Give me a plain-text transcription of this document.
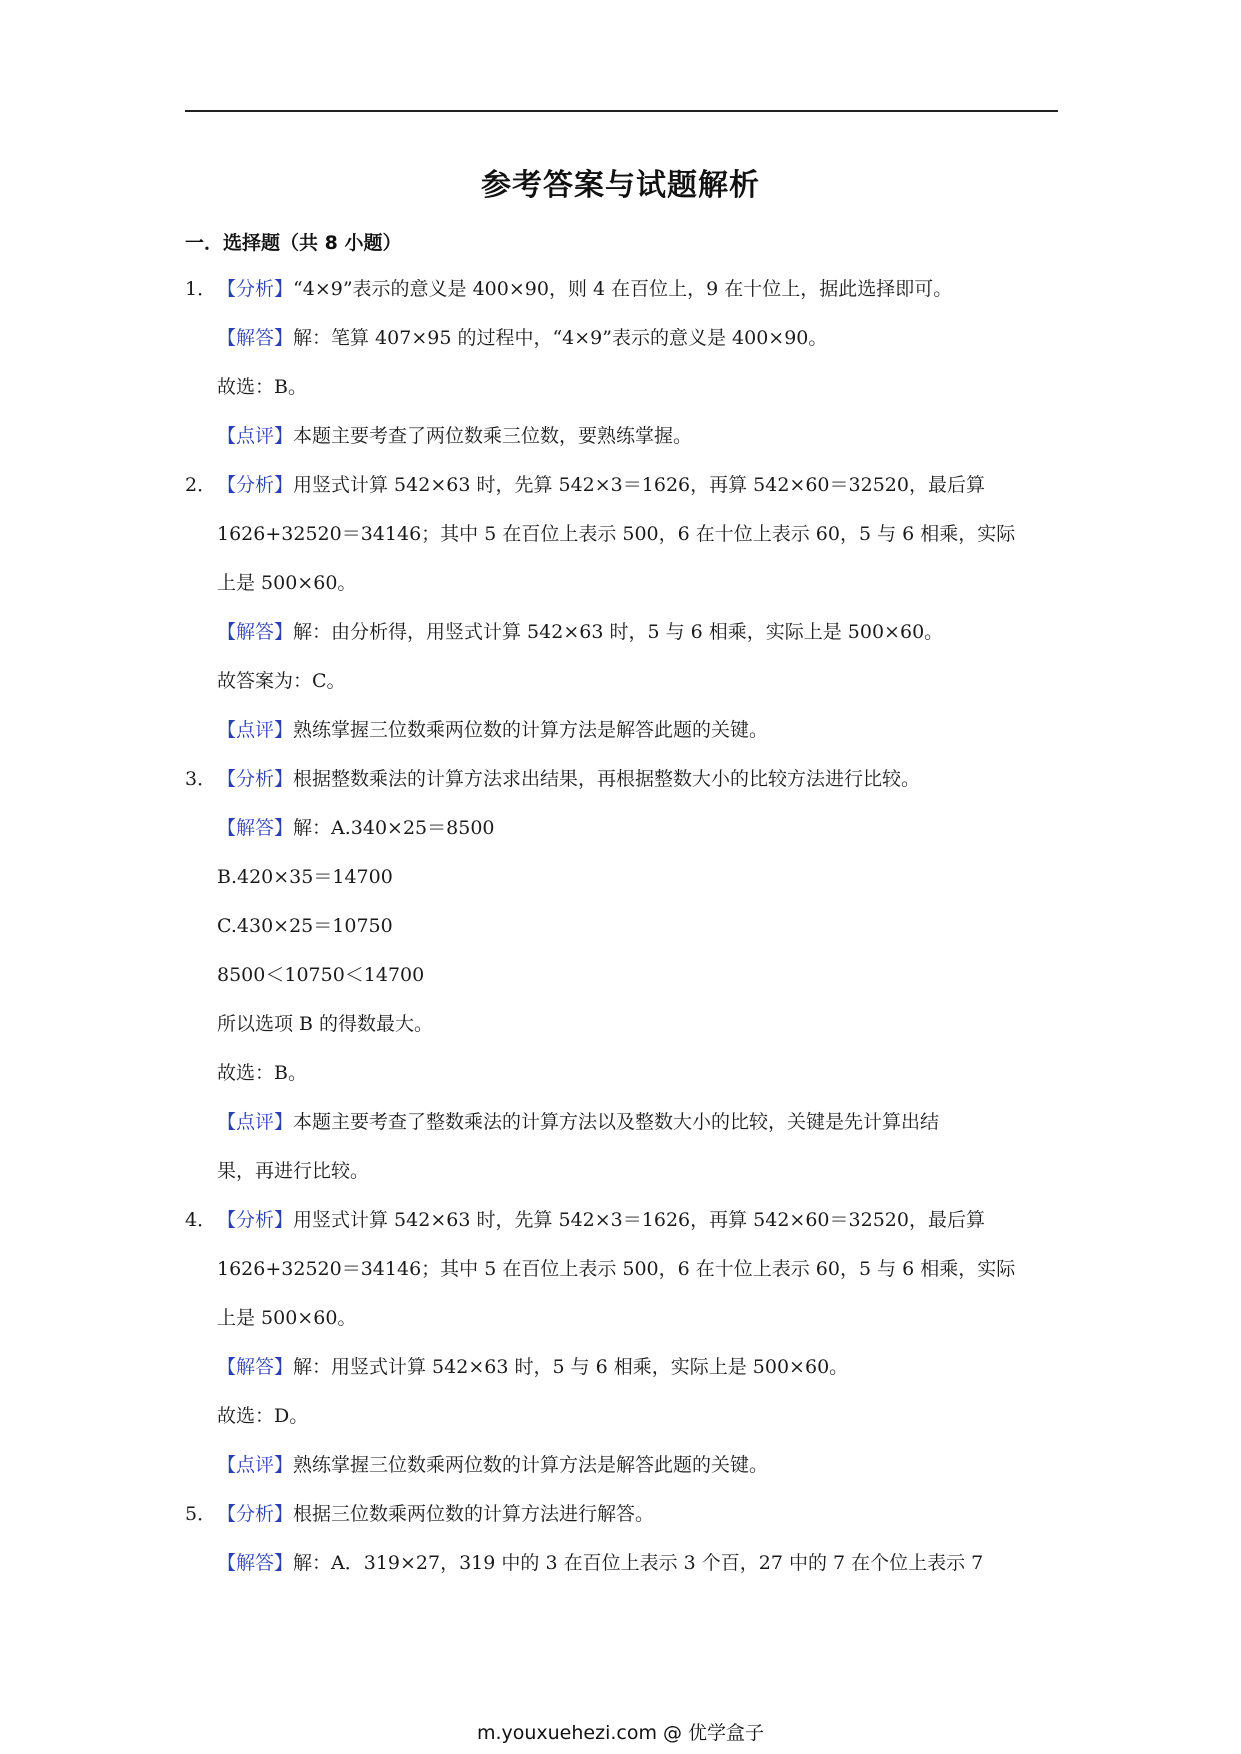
参考答案与试题解析
一．选择题（共 8 小题）
1． 【分析】“4×9”表示的意义是 400×90，则 4 在百位上，9 在十位上，据此选择即可。
【解答】解：笔算 407×95 的过程中，“4×9”表示的意义是 400×90。
故选：B。
【点评】本题主要考查了两位数乘三位数，要熟练掌握。
2． 【分析】用竖式计算 542×63 时，先算 542×3＝1626，再算 542×60＝32520，最后算
1626+32520＝34146；其中 5 在百位上表示 500，6 在十位上表示 60，5 与 6 相乘，实际
上是 500×60。
【解答】解：由分析得，用竖式计算 542×63 时，5 与 6 相乘，实际上是 500×60。
故答案为：C。
【点评】熟练掌握三位数乘两位数的计算方法是解答此题的关键。
3． 【分析】根据整数乘法的计算方法求出结果，再根据整数大小的比较方法进行比较。
【解答】解：A.340×25＝8500
B.420×35＝14700
C.430×25＝10750
8500＜10750＜14700
所以选项 B 的得数最大。
故选：B。
【点评】本题主要考查了整数乘法的计算方法以及整数大小的比较，关键是先计算出结
果，再进行比较。
4． 【分析】用竖式计算 542×63 时，先算 542×3＝1626，再算 542×60＝32520，最后算
1626+32520＝34146；其中 5 在百位上表示 500，6 在十位上表示 60，5 与 6 相乘，实际
上是 500×60。
【解答】解：用竖式计算 542×63 时，5 与 6 相乘，实际上是 500×60。
故选：D。
【点评】熟练掌握三位数乘两位数的计算方法是解答此题的关键。
5． 【分析】根据三位数乘两位数的计算方法进行解答。
【解答】解：A．319×27，319 中的 3 在百位上表示 3 个百，27 中的 7 在个位上表示 7
m.youxuehezi.com @ 优学盒子
